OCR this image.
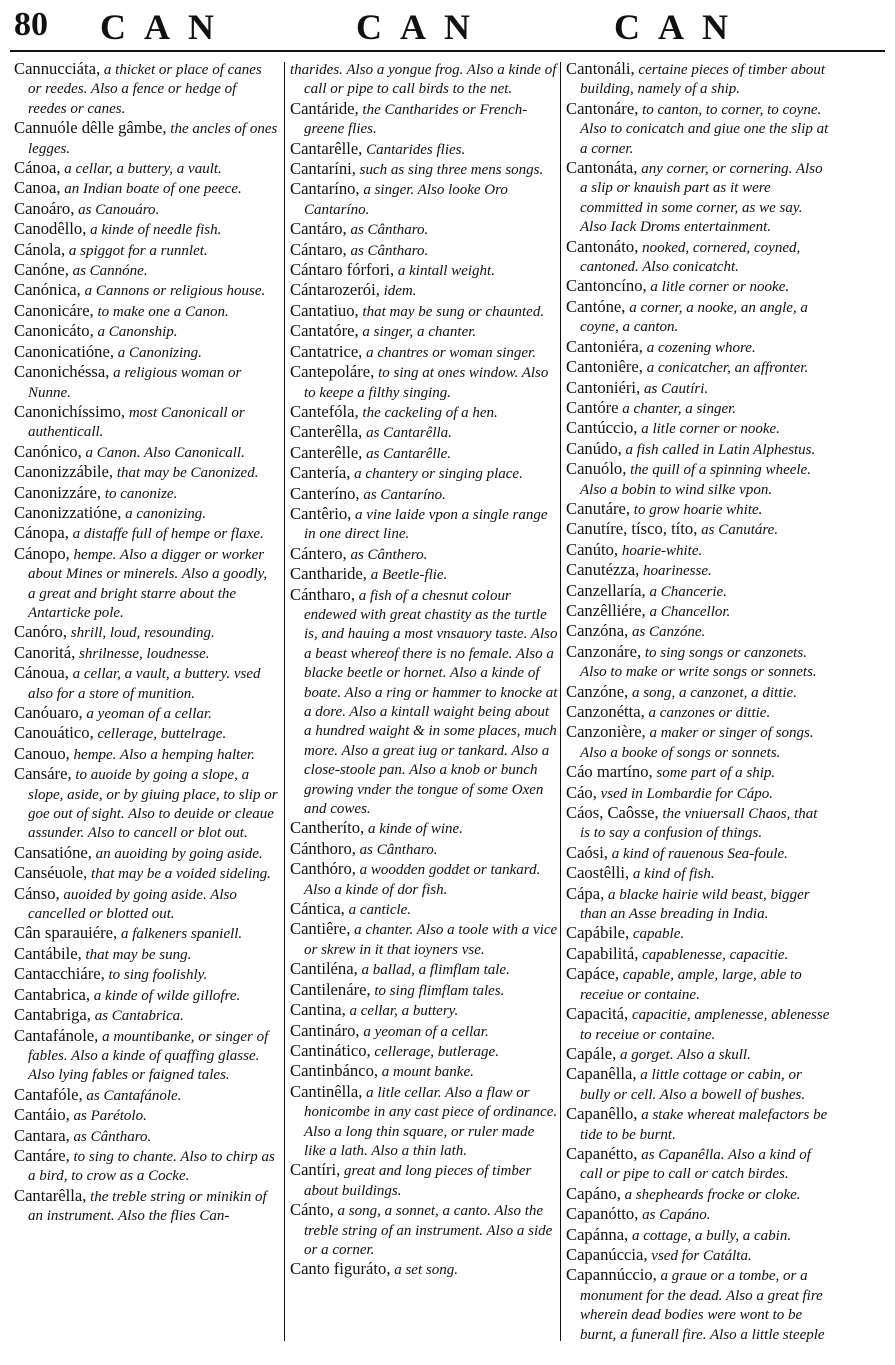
80 CAN	CAN	CAN

Cannucciáta, a thicket or place of canes or reedes. Also a fence or hedge of reedes or canes.

Cannuóle dêlle gâmbe, the ancles of ones legges.

Cánoa, a cellar, a buttery, a vault.

Canoa, an Indian boate of one peece.

Canoáro, as Canouáro.

Canodêllo, a kinde of needle fish.

Cánola, a spiggot for a runnlet.

Canóne, as Cannóne.

Canónica, a Cannons or religious house.

Canonicáre, to make one a Canon.

Canonicáto, a Canonship.

Canonicatióne, a Canonizing.

Canonichéssa, a religious woman or Nunne.

Canonichíssimo, most Canonicall or authenticall.

Canónico, a Canon. Also Canonicall.

Canonizzábile, that may be Canonized.

Canonizzáre, to canonize.

Canonizzatióne, a canonizing.

Cánopa, a distaffe full of hempe or flaxe.

Cánopo, hempe. Also a digger or worker about Mines or minerels. Also a goodly, a great and bright starre about the Antarticke pole.

Canóro, shrill, loud, resounding.

Canoritá, shrilnesse, loudnesse.

Cánoua, a cellar, a vault, a buttery. vsed also for a store of munition.

Canóuaro, a yeoman of a cellar.

Canouático, cellerage, buttelrage.

Canouo, hempe. Also a hemping halter.

Cansáre, to auoide by going a slope, a slope, aside, or by giuing place, to slip or goe out of sight. Also to deuide or cleaue assunder. Also to cancell or blot out.

Cansatióne, an auoiding by going aside.

Canséuole, that may be a voided sideling.

Cánso, auoided by going aside. Also cancelled or blotted out.

Cân sparauiére, a falkeners spaniell.

Cantábile, that may be sung.

Cantacchiáre, to sing foolishly.

Cantabrica, a kinde of wilde gillofre.

Cantabriga, as Cantabrica.

Cantafánole, a mountibanke, or singer of fables. Also a kinde of quaffing glasse. Also lying fables or faigned tales.

Cantafóle, as Cantafánole.

Cantáio, as Parétolo.

Cantara, as Cântharo.

Cantáre, to sing to chante. Also to chirp as a bird, to crow as a Cocke.

Cantarêlla, the treble string or minikin of an instrument. Also the flies Can-

tharides. Also a yongue frog. Also a kinde of call or pipe to call birds to the net.

Cantáride, the Cantharides or French-greene flies.

Cantarêlle, Cantarides flies.

Cantaríni, such as sing three mens songs.

Cantaríno, a singer. Also looke Oro Cantaríno.

Cantáro, as Cântharo.

Cántaro, as Cântharo.

Cántaro fórfori, a kintall weight.

Cántarozerói, idem.

Cantatiuo, that may be sung or chaunted.

Cantatóre, a singer, a chanter.

Cantatrice, a chantres or woman singer.

Cantepoláre, to sing at ones window. Also to keepe a filthy singing.

Cantefóla, the cackeling of a hen.

Canterêlla, as Cantarêlla.

Canterêlle, as Cantarêlle.

Cantería, a chantery or singing place.

Canteríno, as Cantaríno.

Cantêrio, a vine laide vpon a single range in one direct line.

Cántero, as Cânthero.

Cantharide, a Beetle-flie.

Cántharo, a fish of a chesnut colour endewed with great chastity as the turtle is, and hauing a most vnsauory taste. Also a beast whereof there is no female. Also a blacke beetle or hornet. Also a kinde of boate. Also a ring or hammer to knocke at a dore. Also a kintall waight being about a hundred waight & in some places, much more. Also a great iug or tankard. Also a close-stoole pan. Also a knob or bunch growing vnder the tongue of some Oxen and cowes.

Cantheríto, a kinde of wine.

Cánthoro, as Cântharo.

Canthóro, a woodden goddet or tankard. Also a kinde of dor fish.

Cántica, a canticle.

Cantiêre, a chanter. Also a toole with a vice or skrew in it that ioyners vse.

Cantiléna, a ballad, a flimflam tale.

Cantilenáre, to sing flimflam tales.

Cantina, a cellar, a buttery.

Cantináro, a yeoman of a cellar.

Cantinático, cellerage, butlerage.

Cantinbánco, a mount banke.

Cantinêlla, a litle cellar. Also a flaw or honicombe in any cast piece of ordinance. Also a long thin square, or ruler made like a lath. Also a thin lath.

Cantíri, great and long pieces of timber about buildings.

Cánto, a song, a sonnet, a canto. Also the treble string of an instrument. Also a side or a corner.

Canto figuráto, a set song.

Cantonáli, certaine pieces of timber about building, namely of a ship.

Cantonáre, to canton, to corner, to coyne. Also to conicatch and giue one the slip at a corner.

Cantonáta, any corner, or cornering. Also a slip or knauish part as it were committed in some corner, as we say. Also Iack Droms entertainment.

Cantonáto, nooked, cornered, coyned, cantoned. Also conicatcht.

Cantoncíno, a litle corner or nooke.

Cantóne, a corner, a nooke, an angle, a coyne, a canton.

Cantoniéra, a cozening whore.

Cantoniêre, a conicatcher, an affronter.

Cantoniéri, as Cautíri.

Cantóre a chanter, a singer.

Cantúccio, a litle corner or nooke.

Canúdo, a fish called in Latin Alphestus.

Canuólo, the quill of a spinning wheele. Also a bobin to wind silke vpon.

Canutáre, to grow hoarie white.

Canutíre, tísco, títo, as Canutáre.

Canúto, hoarie-white.

Canutézza, hoarinesse.

Canzellaría, a Chancerie.

Canzêlliére, a Chancellor.

Canzóna, as Canzóne.

Canzonáre, to sing songs or canzonets. Also to make or write songs or sonnets.

Canzóne, a song, a canzonet, a dittie.

Canzonétta, a canzones or dittie.

Canzonière, a maker or singer of songs. Also a booke of songs or sonnets.

Cáo martíno, some part of a ship.

Cáo, vsed in Lombardie for Cápo.

Cáos, Caôsse, the vniuersall Chaos, that is to say a confusion of things.

Caósi, a kind of rauenous Sea-foule.

Caostêlli, a kind of fish.

Cápa, a blacke hairie wild beast, bigger than an Asse breading in India.

Capábile, capable.

Capabilitá, capablenesse, capacitie.

Capáce, capable, ample, large, able to receiue or containe.

Capacitá, capacitie, amplenesse, ablenesse to receiue or containe.

Capále, a gorget. Also a skull.

Capanêlla, a little cottage or cabin, or bully or cell. Also a bowell of bushes.

Capanêllo, a stake whereat malefactors be tide to be burnt.

Capanétto, as Capanêlla. Also a kind of call or pipe to call or catch birdes.

Capáno, a shepheards frocke or cloke.

Capanótto, as Capáno.

Capánna, a cottage, a bully, a cabin.

Capanúccia, vsed for Catálta.

Capannúccio, a graue or a tombe, or a monument for the dead. Also a great fire wherein dead bodies were wont to be burnt, a funerall fire. Also a little steeple
